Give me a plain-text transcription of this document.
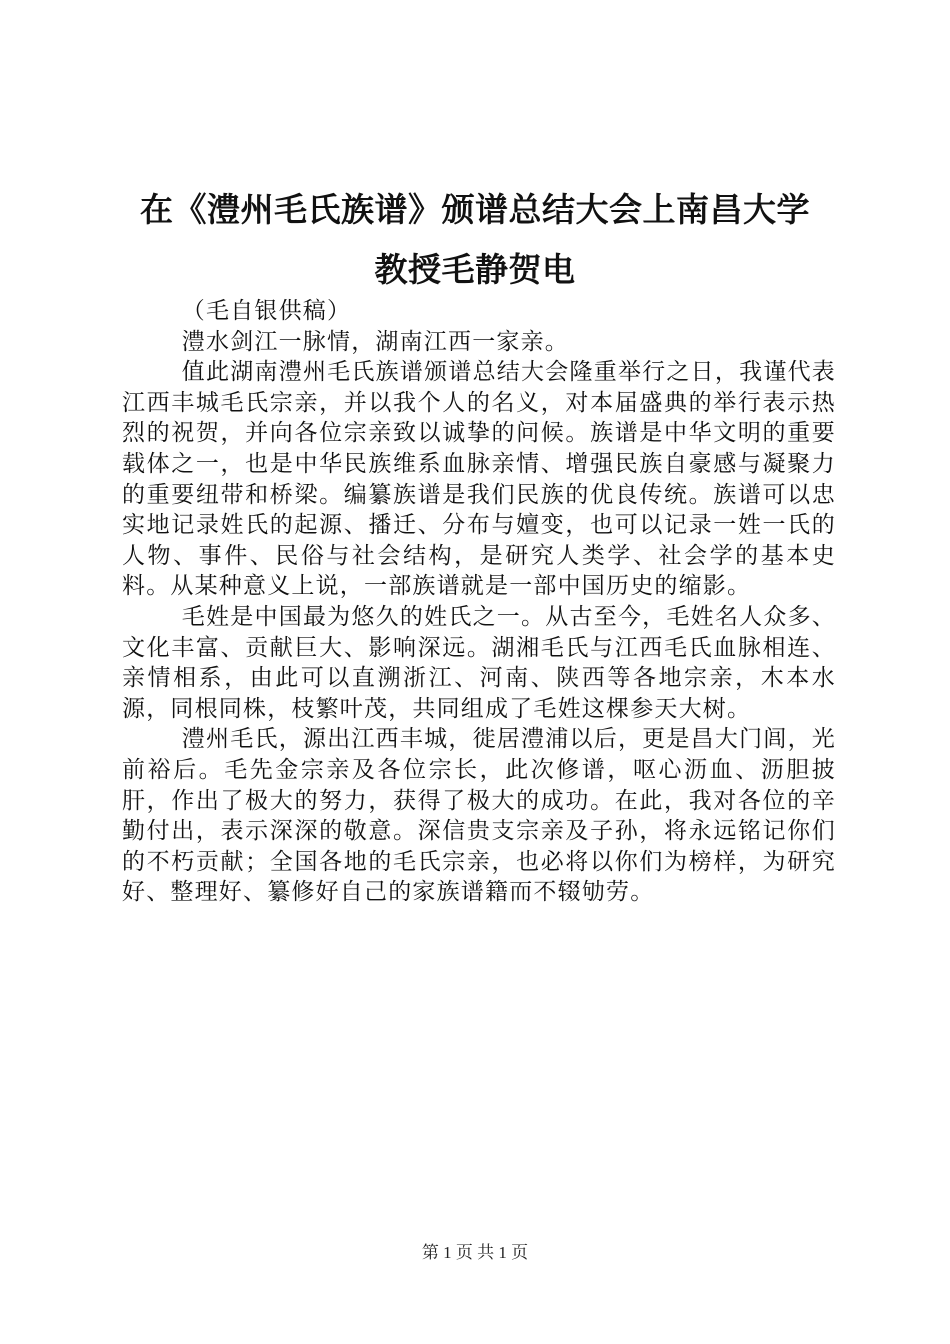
在《澧州毛氏族谱》颁谱总结大会上南昌大学
教授毛静贺电

（毛自银供稿）

澧水剑江一脉情，湖南江西一家亲。

值此湖南澧州毛氏族谱颁谱总结大会隆重举行之日，我谨代表江西丰城毛氏宗亲，并以我个人的名义，对本届盛典的举行表示热烈的祝贺，并向各位宗亲致以诚挚的问候。族谱是中华文明的重要载体之一，也是中华民族维系血脉亲情、增强民族自豪感与凝聚力的重要纽带和桥梁。编纂族谱是我们民族的优良传统。族谱可以忠实地记录姓氏的起源、播迁、分布与嬗变，也可以记录一姓一氏的人物、事件、民俗与社会结构，是研究人类学、社会学的基本史料。从某种意义上说，一部族谱就是一部中国历史的缩影。

毛姓是中国最为悠久的姓氏之一。从古至今，毛姓名人众多、文化丰富、贡献巨大、影响深远。湖湘毛氏与江西毛氏血脉相连、亲情相系，由此可以直溯浙江、河南、陕西等各地宗亲，木本水源，同根同株，枝繁叶茂，共同组成了毛姓这棵参天大树。

澧州毛氏，源出江西丰城，徙居澧浦以后，更是昌大门闾，光前裕后。毛先金宗亲及各位宗长，此次修谱，呕心沥血、沥胆披肝，作出了极大的努力，获得了极大的成功。在此，我对各位的辛勤付出，表示深深的敬意。深信贵支宗亲及子孙，将永远铭记你们的不朽贡献；全国各地的毛氏宗亲，也必将以你们为榜样，为研究好、整理好、纂修好自己的家族谱籍而不辍劬劳。

第 1 页 共 1 页
